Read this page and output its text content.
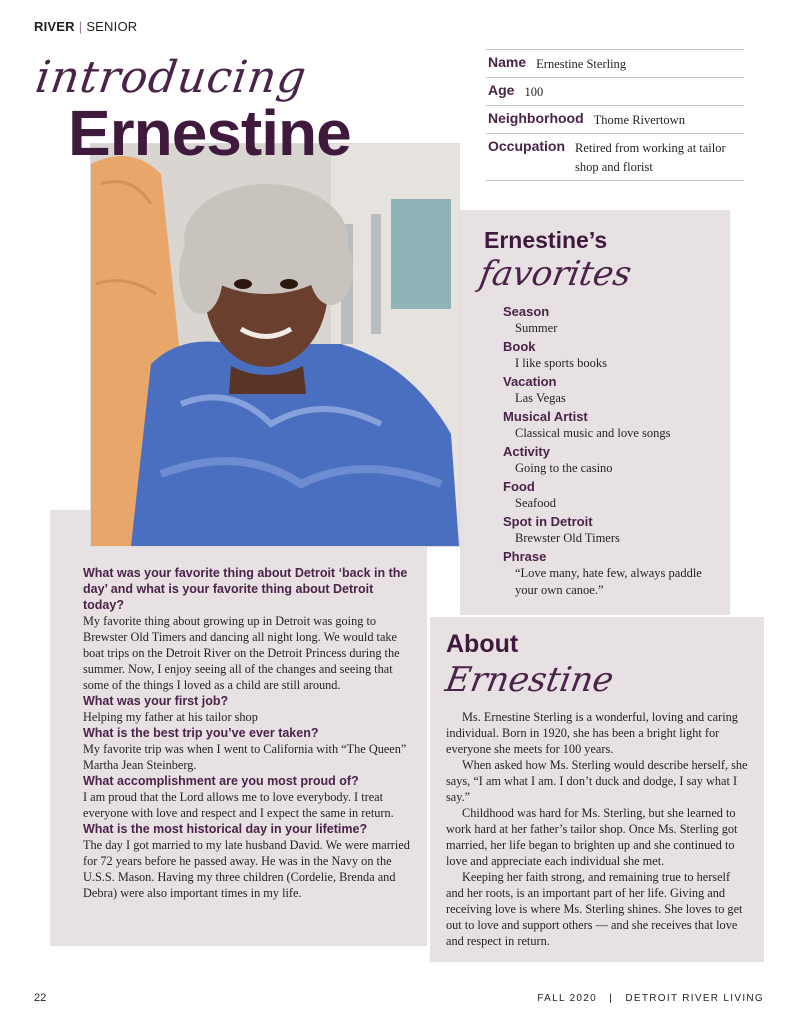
RIVER | SENIOR
introducing
Ernestine
Name Ernestine Sterling
Age 100
Neighborhood Thome Rivertown
Occupation Retired from working at tailor shop and florist
Ernestine’s
favorites
Season
Summer
Book
I like sports books
Vacation
Las Vegas
Musical Artist
Classical music and love songs
Activity
Going to the casino
Food
Seafood
Spot in Detroit
Brewster Old Timers
Phrase
“Love many, hate few, always paddle your own canoe.”
What was your favorite thing about Detroit ‘back in the day’ and what is your favorite thing about Detroit today?
My favorite thing about growing up in Detroit was going to Brewster Old Timers and dancing all night long. We would take boat trips on the Detroit River on the Detroit Princess during the summer. Now, I enjoy seeing all of the changes and seeing that some of the things I loved as a child are still around.
What was your first job?
Helping my father at his tailor shop
What is the best trip you’ve ever taken?
My favorite trip was when I went to California with “The Queen” Martha Jean Steinberg.
What accomplishment are you most proud of?
I am proud that the Lord allows me to love everybody. I treat everyone with love and respect and I expect the same in return.
What is the most historical day in your lifetime?
The day I got married to my late husband David. We were married for 72 years before he passed away. He was in the Navy on the U.S.S. Mason. Having my three children (Cordelie, Brenda and Debra) were also important times in my life.
About
Ernestine

Ms. Ernestine Sterling is a wonderful, loving and caring individual. Born in 1920, she has been a bright light for everyone she meets for 100 years.

When asked how Ms. Sterling would describe herself, she says, “I am what I am. I don’t duck and dodge, I say what I say.”

Childhood was hard for Ms. Sterling, but she learned to work hard at her father’s tailor shop. Once Ms. Sterling got married, her life began to brighten up and she continued to love and appreciate each individual she met.

Keeping her faith strong, and remaining true to herself and her roots, is an important part of her life. Giving and receiving love is where Ms. Sterling shines. She loves to get out to love and support others — and she receives that love and respect in return.

22	FALL 2020   |   DETROIT RIVER LIVING
